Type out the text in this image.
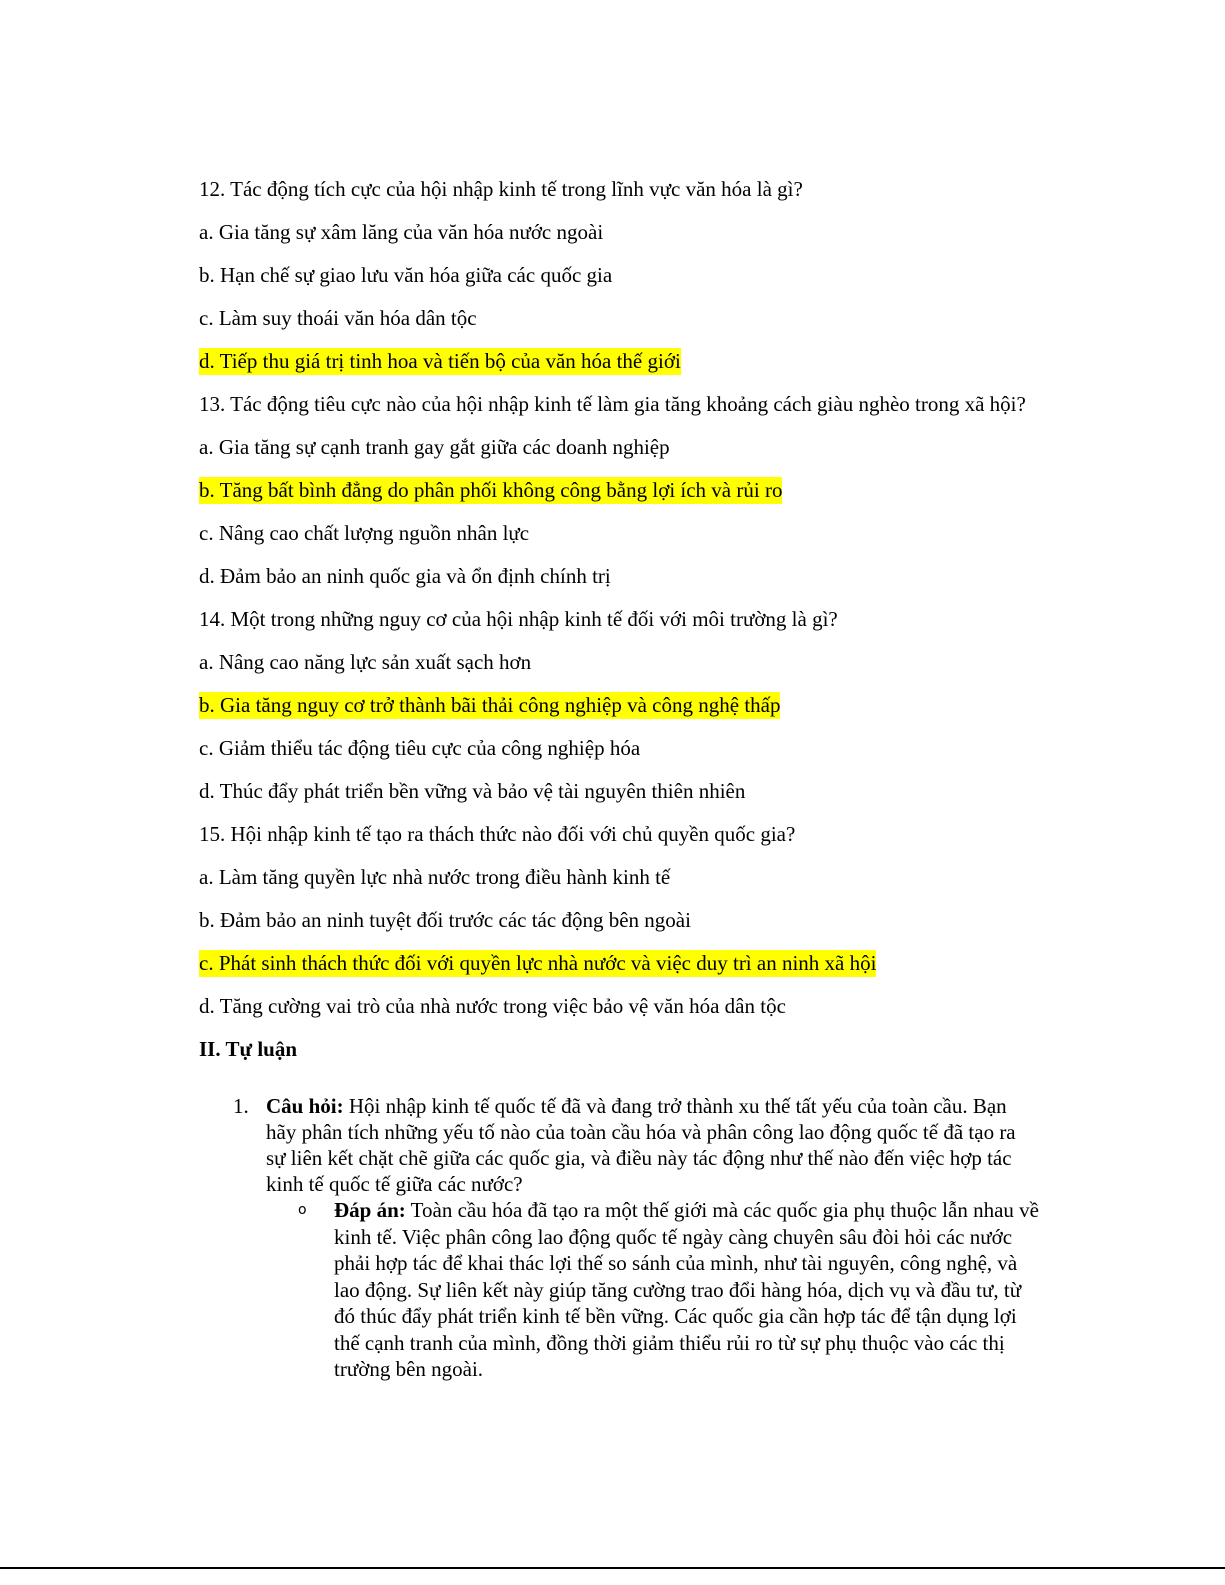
12. Tác động tích cực của hội nhập kinh tế trong lĩnh vực văn hóa là gì?

a. Gia tăng sự xâm lăng của văn hóa nước ngoài

b. Hạn chế sự giao lưu văn hóa giữa các quốc gia

c. Làm suy thoái văn hóa dân tộc

d. Tiếp thu giá trị tinh hoa và tiến bộ của văn hóa thế giới

13. Tác động tiêu cực nào của hội nhập kinh tế làm gia tăng khoảng cách giàu nghèo trong xã hội?

a. Gia tăng sự cạnh tranh gay gắt giữa các doanh nghiệp

b. Tăng bất bình đẳng do phân phối không công bằng lợi ích và rủi ro

c. Nâng cao chất lượng nguồn nhân lực

d. Đảm bảo an ninh quốc gia và ổn định chính trị

14. Một trong những nguy cơ của hội nhập kinh tế đối với môi trường là gì?

a. Nâng cao năng lực sản xuất sạch hơn

b. Gia tăng nguy cơ trở thành bãi thải công nghiệp và công nghệ thấp

c. Giảm thiểu tác động tiêu cực của công nghiệp hóa

d. Thúc đẩy phát triển bền vững và bảo vệ tài nguyên thiên nhiên

15. Hội nhập kinh tế tạo ra thách thức nào đối với chủ quyền quốc gia?

a. Làm tăng quyền lực nhà nước trong điều hành kinh tế

b. Đảm bảo an ninh tuyệt đối trước các tác động bên ngoài

c. Phát sinh thách thức đối với quyền lực nhà nước và việc duy trì an ninh xã hội

d. Tăng cường vai trò của nhà nước trong việc bảo vệ văn hóa dân tộc

II. Tự luận

1. Câu hỏi: Hội nhập kinh tế quốc tế đã và đang trở thành xu thế tất yếu của toàn cầu. Bạn hãy phân tích những yếu tố nào của toàn cầu hóa và phân công lao động quốc tế đã tạo ra sự liên kết chặt chẽ giữa các quốc gia, và điều này tác động như thế nào đến việc hợp tác kinh tế quốc tế giữa các nước?
o Đáp án: Toàn cầu hóa đã tạo ra một thế giới mà các quốc gia phụ thuộc lẫn nhau về kinh tế. Việc phân công lao động quốc tế ngày càng chuyên sâu đòi hỏi các nước phải hợp tác để khai thác lợi thế so sánh của mình, như tài nguyên, công nghệ, và lao động. Sự liên kết này giúp tăng cường trao đổi hàng hóa, dịch vụ và đầu tư, từ đó thúc đẩy phát triển kinh tế bền vững. Các quốc gia cần hợp tác để tận dụng lợi thế cạnh tranh của mình, đồng thời giảm thiểu rủi ro từ sự phụ thuộc vào các thị trường bên ngoài.
